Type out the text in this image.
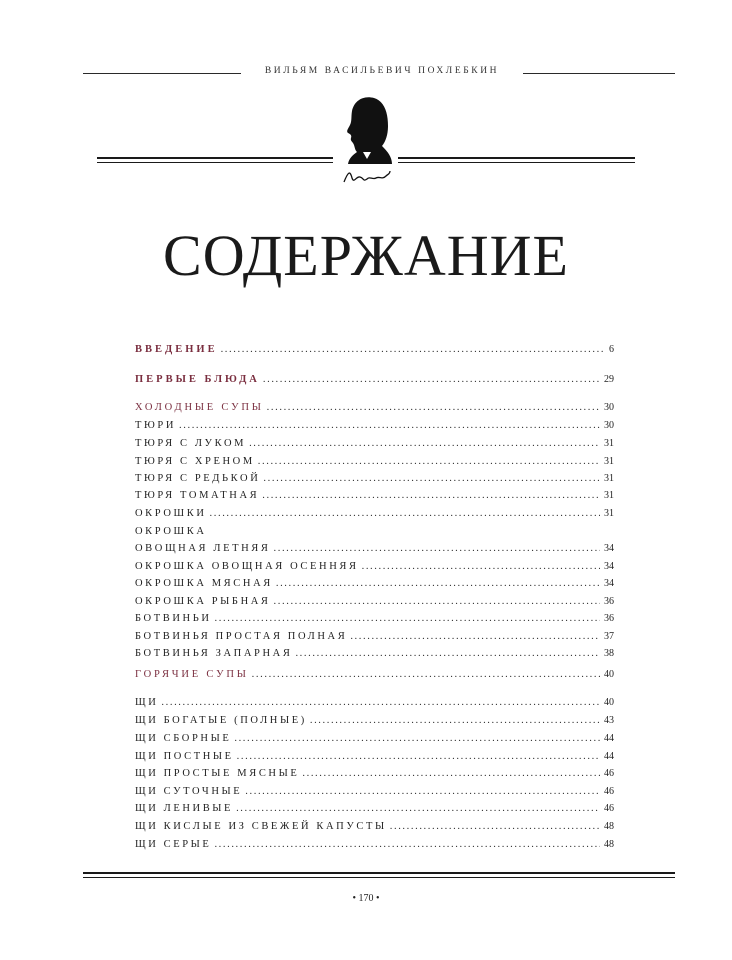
ВИЛЬЯМ ВАСИЛЬЕВИЧ ПОХЛЕБКИН
В.Похлебкин
СОДЕРЖАНИЕ
ВВЕДЕНИЕ .....	6
ПЕРВЫЕ БЛЮДА .....	29
ХОЛОДНЫЕ СУПЫ .....	30
ТЮРИ .....	30
ТЮРЯ С ЛУКОМ .....	31
ТЮРЯ С ХРЕНОМ .....	31
ТЮРЯ С РЕДЬКОЙ .....	31
ТЮРЯ ТОМАТНАЯ .....	31
ОКРОШКИ .....	31
ОКРОШКА
ОВОЩНАЯ ЛЕТНЯЯ .....	34
ОКРОШКА ОВОЩНАЯ ОСЕННЯЯ .....	34
ОКРОШКА МЯСНАЯ .....	34
ОКРОШКА РЫБНАЯ .....	36
БОТВИНЬИ .....	36
БОТВИНЬЯ ПРОСТАЯ ПОЛНАЯ .....	37
БОТВИНЬЯ ЗАПАРНАЯ .....	38
ГОРЯЧИЕ СУПЫ .....	40
ЩИ .....	40
ЩИ БОГАТЫЕ (ПОЛНЫЕ) .....	43
ЩИ СБОРНЫЕ .....	44
ЩИ ПОСТНЫЕ .....	44
ЩИ ПРОСТЫЕ МЯСНЫЕ .....	46
ЩИ СУТОЧНЫЕ .....	46
ЩИ ЛЕНИВЫЕ .....	46
ЩИ КИСЛЫЕ ИЗ СВЕЖЕЙ КАПУСТЫ .....	48
ЩИ СЕРЫЕ .....	48
• 170 •
